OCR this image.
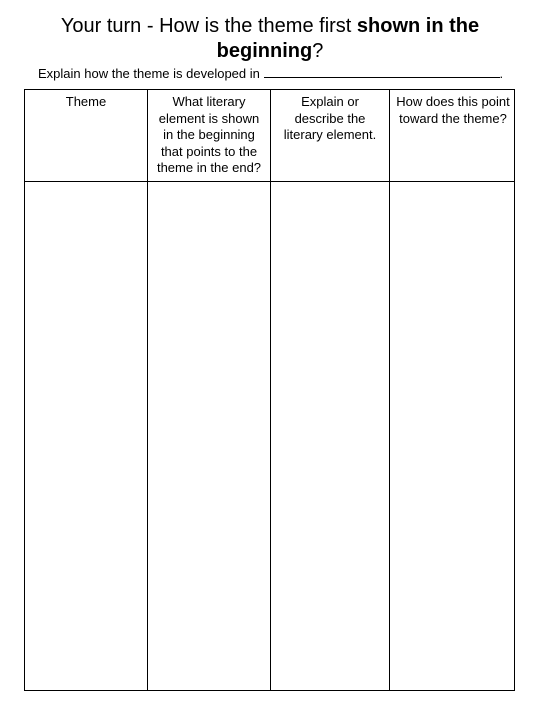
Your turn - How is the theme first shown in the beginning?
Explain how the theme is developed in	.
Theme	What literary element is shown in the beginning that points to the theme in the end?
Explain or describe the literary element.
How does this point toward the theme?
